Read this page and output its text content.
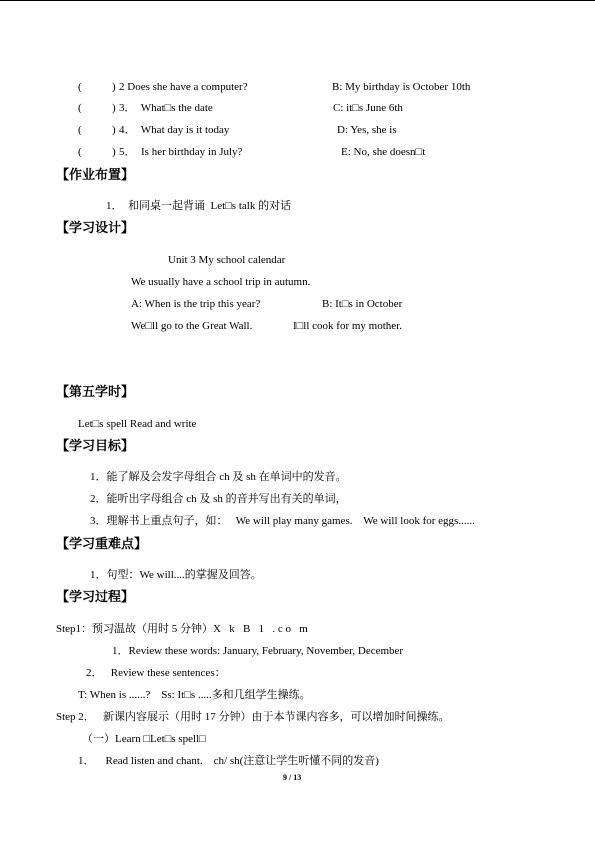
(	) 2 Does she have a computer?	B: My birthday is October 10th
(	) 3．  What□s the date	C: it□s June 6th
(	) 4．  What day is it today	D: Yes, she is
(	) 5．  Is her birthday in July?	E: No, she doesn□t
【作业布置】
1．  和同桌一起背诵  Let□s talk 的对话
【学习设计】
Unit 3 My school calendar
We usually have a school trip in autumn.
A: When is the trip this year?	B: It□s in October
We□ll go to the Great Wall.	I□ll cook for my mother.
【第五学时】
Let□s spell Read and write
【学习目标】
1．能了解及会发字母组合 ch 及 sh 在单词中的发音。
2．能听出字母组合 ch 及 sh 的音并写出有关的单词，
3．理解书上重点句子，如：   We will play many games.    We will look for eggs......
【学习重难点】
1．句型：We will....的掌握及回答。
【学习过程】
Step1：预习温故（用时 5 分钟）X   k   B   1   . c o   m
1．Review these words: January, February, November, December
2．   Review these sentences：
T: When is ......?    Ss: It□s .....多和几组学生操练。
Step 2．   新课内容展示（用时 17 分钟）由于本节课内容多，可以增加时间操练。
（一）Learn □Let□s spell□
1．    Read listen and chant.    ch/ sh(注意让学生听懂不同的发音)
9 / 13
